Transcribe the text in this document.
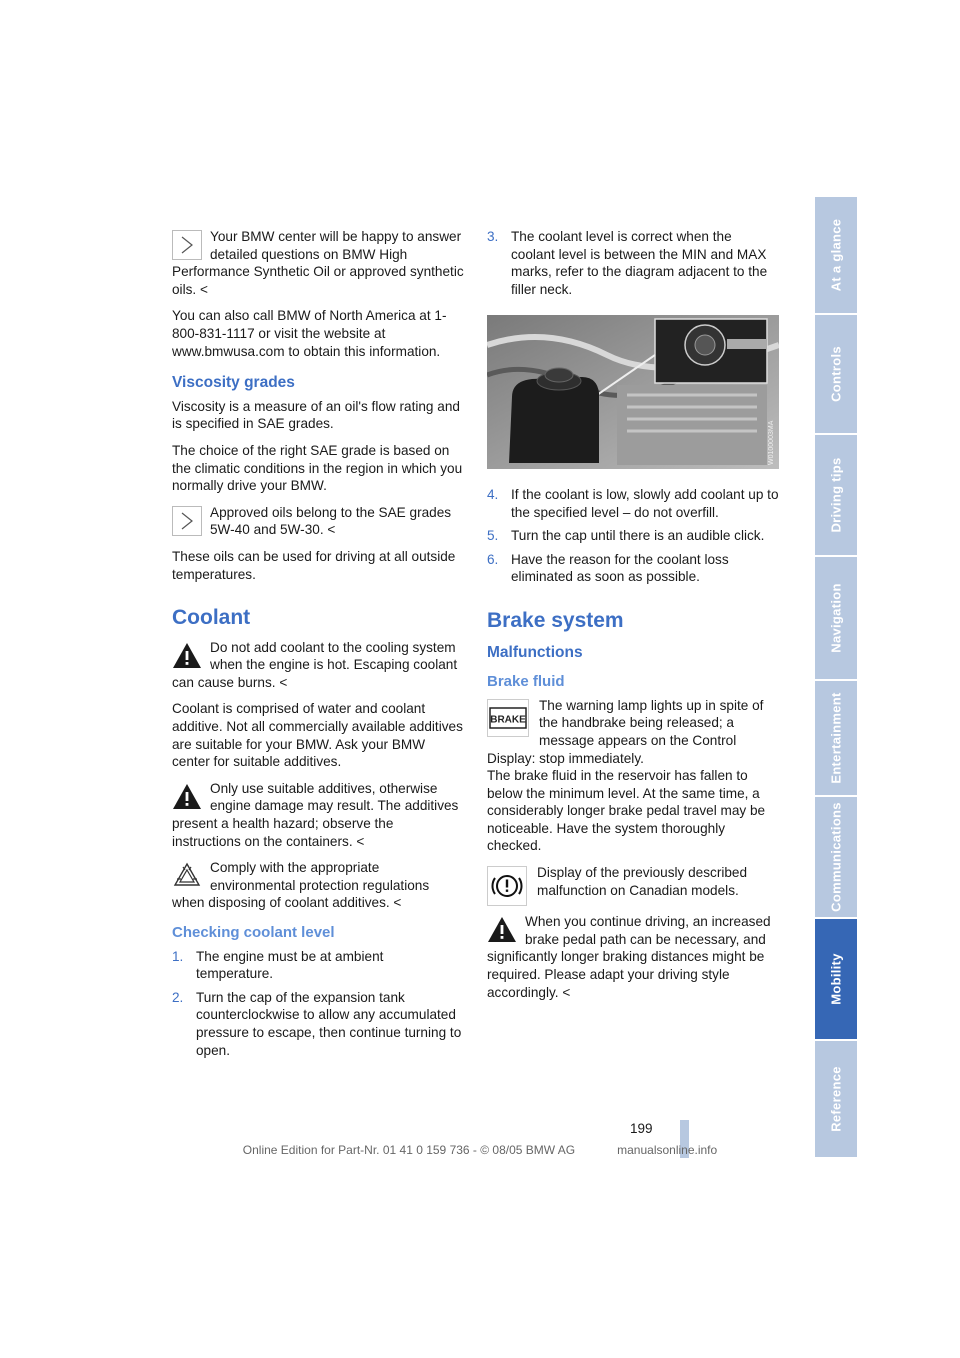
Your BMW center will be happy to answer detailed questions on BMW High Performance Synthetic Oil or approved synthetic oils. <

You can also call BMW of North America at 1-800-831-1117 or visit the website at www.bmwusa.com to obtain this information.

Viscosity grades

Viscosity is a measure of an oil's flow rating and is specified in SAE grades.

The choice of the right SAE grade is based on the climatic conditions in the region in which you normally drive your BMW.

Approved oils belong to the SAE grades 5W-40 and 5W-30. <

These oils can be used for driving at all outside temperatures.

Coolant
Do not add coolant to the cooling system when the engine is hot. Escaping coolant can cause burns. <

Coolant is comprised of water and coolant additive. Not all commercially available additives are suitable for your BMW. Ask your BMW center for suitable additives.

Only use suitable additives, otherwise engine damage may result. The additives present a health hazard; observe the instructions on the containers. <
Comply with the appropriate environmental protection regulations when disposing of coolant additives. <
Checking coolant level
1. The engine must be at ambient temperature.
2. Turn the cap of the expansion tank counterclockwise to allow any accumulated pressure to escape, then continue turning to open.
3. The coolant level is correct when the coolant level is between the MIN and MAX marks, refer to the diagram adjacent to the filler neck.
W0100003MA
4. If the coolant is low, slowly add coolant up to the specified level – do not overfill.
5. Turn the cap until there is an audible click.
6. Have the reason for the coolant loss eliminated as soon as possible.
Brake system
Malfunctions
Brake fluid
BRAKE
The warning lamp lights up in spite of the handbrake being released; a message appears on the Control Display: stop immediately.

The brake fluid in the reservoir has fallen to below the minimum level. At the same time, a considerably longer brake pedal travel may be noticeable. Have the system thoroughly checked.

Display of the previously described malfunction on Canadian models.
When you continue driving, an increased brake pedal path can be necessary, and significantly longer braking distances might be required. Please adapt your driving style accordingly. <
At a glance
Controls
Driving tips
Navigation
Entertainment
Communications
Mobility
Reference
199
Online Edition for Part-Nr. 01 41 0 159 736 - © 08/05 BMW AG	manualsonline.info
